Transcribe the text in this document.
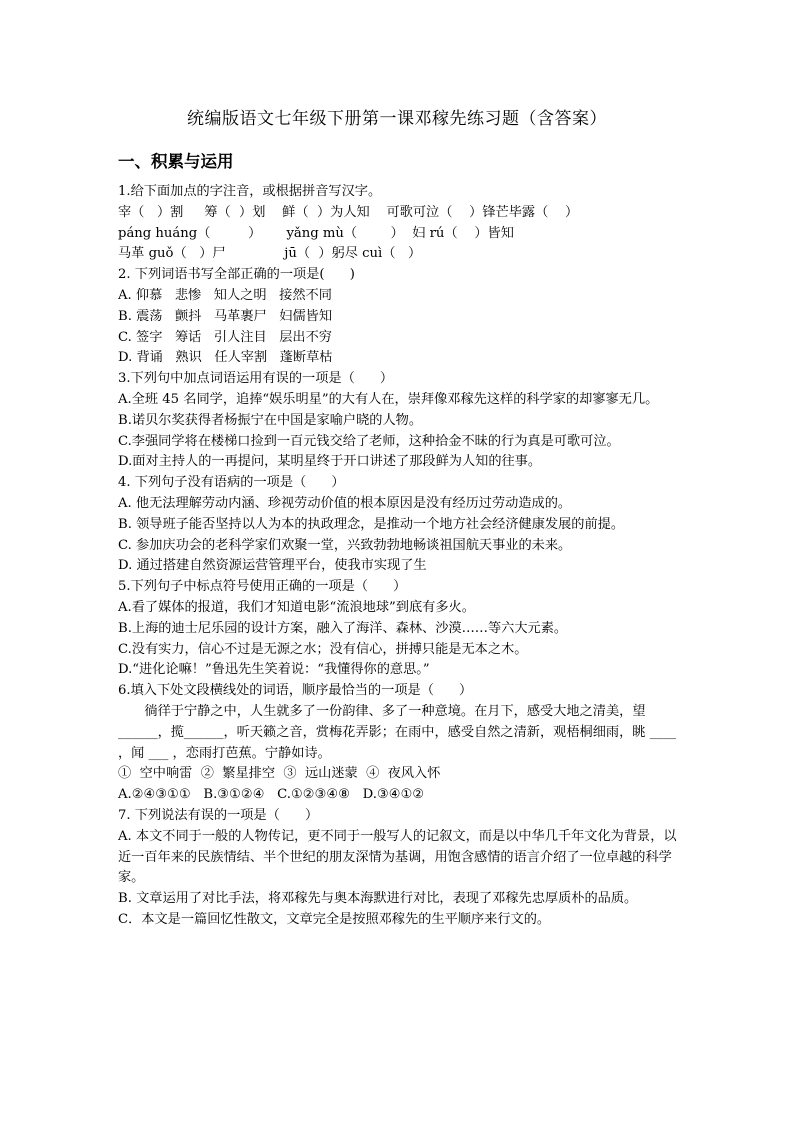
统编版语文七年级下册第一课邓稼先练习题（含答案）
一、积累与运用
1.给下面加点的字注音，或根据拼音写汉字。
宰（   ）割     筹（  ）划    鲜（  ）为人知    可歌可泣（    ）锋芒毕露（    ）
páng huáng（         ）      yǎng mù（        ）  妇 rú（    ）皆知
马革 guǒ（   ）尸              jū（  ）躬尽 cuì（   ）
2. 下列词语书写全部正确的一项是(      )
A. 仰慕   悲惨   知人之明   接然不同
B. 震荡   颤抖   马革裹尸   妇儒皆知
C. 签字   筹话   引人注目   层出不穷
D. 背诵   熟识   任人宰割   蓬断草枯
3.下列句中加点词语运用有误的一项是（      ）
A.全班 45 名同学，追捧“娱乐明星”的大有人在，崇拜像邓稼先这样的科学家的却寥寥无几。
B.诺贝尔奖获得者杨振宁在中国是家喻户晓的人物。
C.李强同学将在楼梯口捡到一百元钱交给了老师，这种拾金不昧的行为真是可歌可泣。
D.面对主持人的一再提问，某明星终于开口讲述了那段鲜为人知的往事。
4. 下列句子没有语病的一项是（      ）
A. 他无法理解劳动内涵、珍视劳动价值的根本原因是没有经历过劳动造成的。
B. 领导班子能否坚持以人为本的执政理念，是推动一个地方社会经济健康发展的前提。
C. 参加庆功会的老科学家们欢聚一堂，兴致勃勃地畅谈祖国航天事业的未来。
D. 通过搭建自然资源运营管理平台，使我市实现了生
5.下列句子中标点符号使用正确的一项是（      ）
A.看了媒体的报道，我们才知道电影“流浪地球”到底有多火。
B.上海的迪士尼乐园的设计方案，融入了海洋、森林、沙漠……等六大元素。
C.没有实力，信心不过是无源之水；没有信心，拼搏只能是无本之木。
D.“进化论嘛！”鲁迅先生笑着说：“我懂得你的意思。”
6.填入下处文段横线处的词语，顺序最恰当的一项是（      ）
徜徉于宁静之中，人生就多了一份韵律、多了一种意境。在月下，感受大地之清美，望______，揽______，听天籁之音，赏梅花弄影；在雨中，感受自然之清新，观梧桐细雨，眺 ____ ，闻 ___ ，恋雨打芭蕉。宁静如诗。
①  空中响雷  ②  繁星排空  ③  远山迷蒙  ④  夜风入怀
A.②④③①①   B.③①②④   C.①②③④⑧   D.③④①②
7. 下列说法有误的一项是（      ）
A. 本文不同于一般的人物传记，更不同于一般写人的记叙文，而是以中华几千年文化为背景，以近一百年来的民族情结、半个世纪的朋友深情为基调，用饱含感情的语言介绍了一位卓越的科学家。
B. 文章运用了对比手法，将邓稼先与奥本海默进行对比，表现了邓稼先忠厚质朴的品质。
C．本文是一篇回忆性散文，文章完全是按照邓稼先的生平顺序来行文的。
